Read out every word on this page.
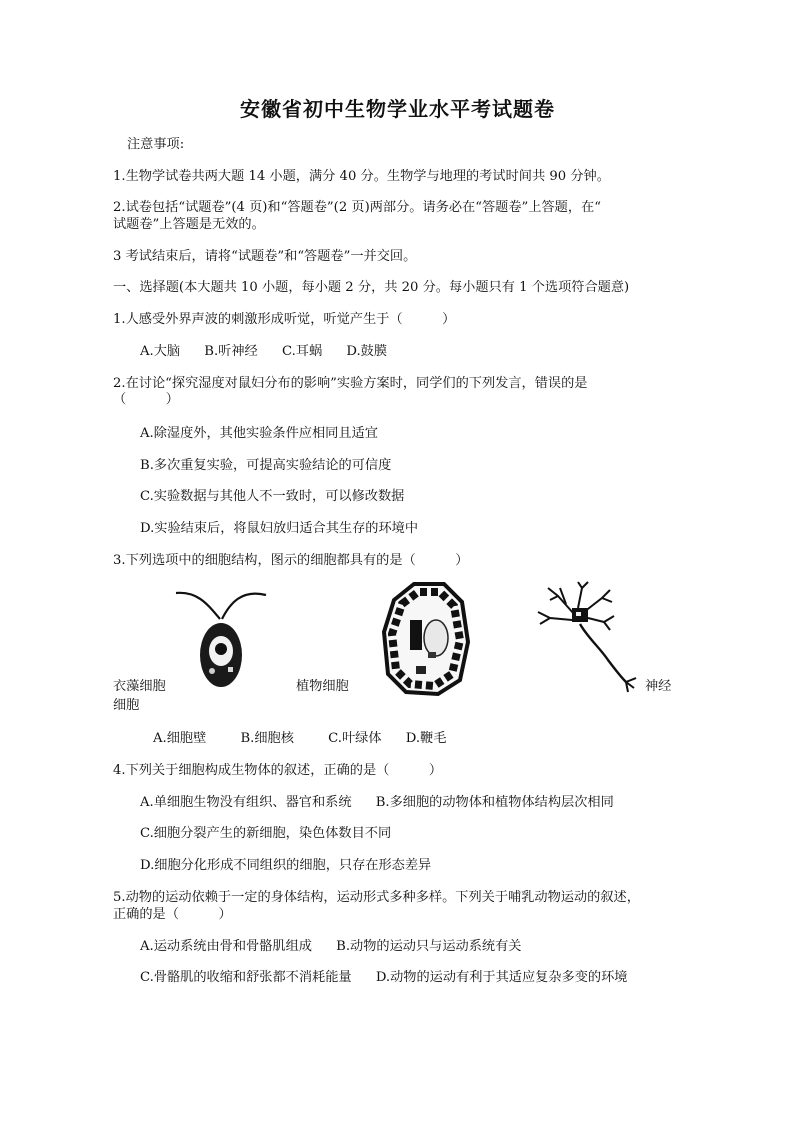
安徽省初中生物学业水平考试题卷
注意事项:
1.生物学试卷共两大题 14 小题，满分 40 分。生物学与地理的考试时间共 90 分钟。
2.试卷包括“试题卷”(4 页)和“答题卷”(2 页)两部分。请务必在“答题卷”上答题，在“
试题卷”上答题是无效的。
3 考试结束后，请将“试题卷”和“答题卷”一并交回。
一、选择题(本大题共 10 小题，每小题 2 分，共 20 分。每小题只有 1 个选项符合题意)
1.人感受外界声波的刺激形成听觉，听觉产生于（　　　）
A.大脑 B.听神经 C.耳蜗 D.鼓膜
2.在讨论“探究湿度对鼠妇分布的影响”实验方案时，同学们的下列发言，错误的是
（　　　）
A.除湿度外，其他实验条件应相同且适宜
B.多次重复实验，可提高实验结论的可信度
C.实验数据与其他人不一致时，可以修改数据
D.实验结束后，将鼠妇放归适合其生存的环境中
3.下列选项中的细胞结构，图示的细胞都具有的是（　　　）
衣藻细胞
细胞
植物细胞	神经
A.细胞壁	B.细胞核	C.叶绿体 D.鞭毛
4.下列关于细胞构成生物体的叙述，正确的是（　　　）
A.单细胞生物没有组织、器官和系统 B.多细胞的动物体和植物体结构层次相同
C.细胞分裂产生的新细胞，染色体数目不同
D.细胞分化形成不同组织的细胞，只存在形态差异
5.动物的运动依赖于一定的身体结构，运动形式多种多样。下列关于哺乳动物运动的叙述，
正确的是（　　　）
A.运动系统由骨和骨骼肌组成 B.动物的运动只与运动系统有关
C.骨骼肌的收缩和舒张都不消耗能量 D.动物的运动有利于其适应复杂多变的环境
